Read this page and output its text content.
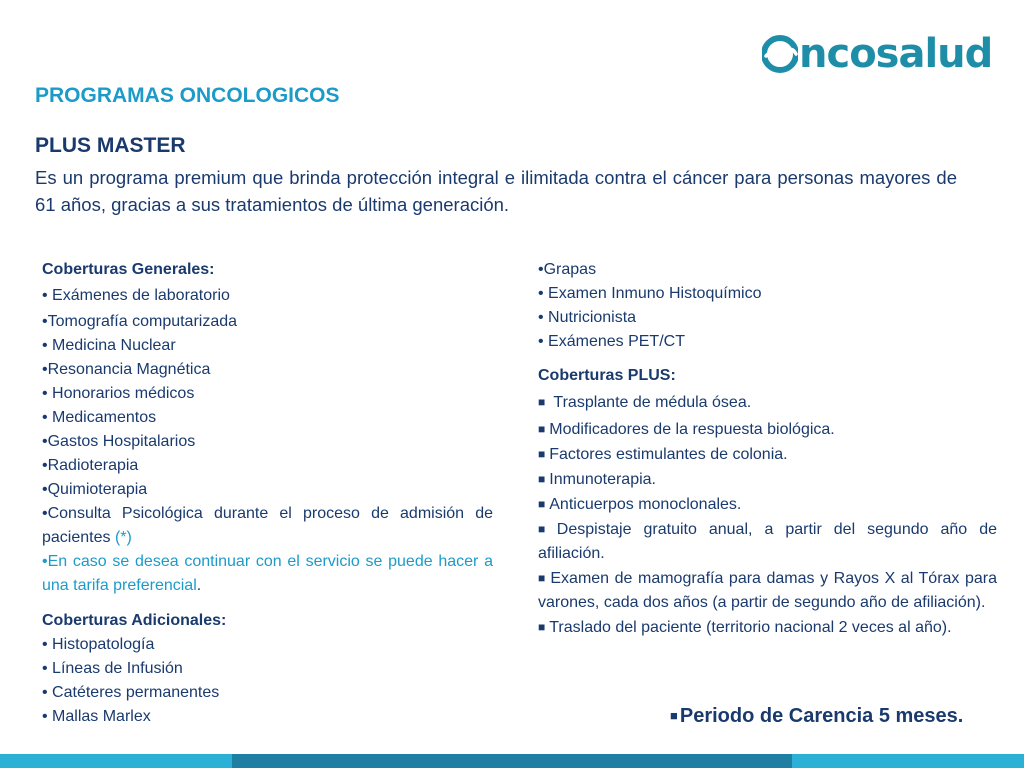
ncosalud
PROGRAMAS ONCOLOGICOS
PLUS MASTER

Es un programa premium que brinda protección integral e ilimitada contra el cáncer para personas mayores de 61 años, gracias a sus tratamientos de última generación.

Coberturas Generales:
• Exámenes de laboratorio
•Tomografía computarizada
• Medicina Nuclear
•Resonancia Magnética
• Honorarios médicos
• Medicamentos
•Gastos Hospitalarios
•Radioterapia
•Quimioterapia
•Consulta Psicológica durante el proceso de admisión de pacientes (*)
•En caso se desea continuar con el servicio se puede hacer a una tarifa preferencial.
Coberturas Adicionales:
• Histopatología
• Líneas de Infusión
• Catéteres permanentes
• Mallas Marlex
•Grapas
• Examen Inmuno Histoquímico
• Nutricionista
• Exámenes PET/CT
Coberturas PLUS:
■ Trasplante de médula ósea.
■ Modificadores de la respuesta biológica.
■ Factores estimulantes de colonia.
■ Inmunoterapia.
■ Anticuerpos monoclonales.
■ Despistaje gratuito anual, a partir del segundo año de afiliación.
■ Examen de mamografía para damas y Rayos X al Tórax para varones, cada dos años (a partir de segundo año de afiliación).
■ Traslado del paciente (territorio nacional 2 veces al año).
■ Periodo de Carencia 5 meses.
